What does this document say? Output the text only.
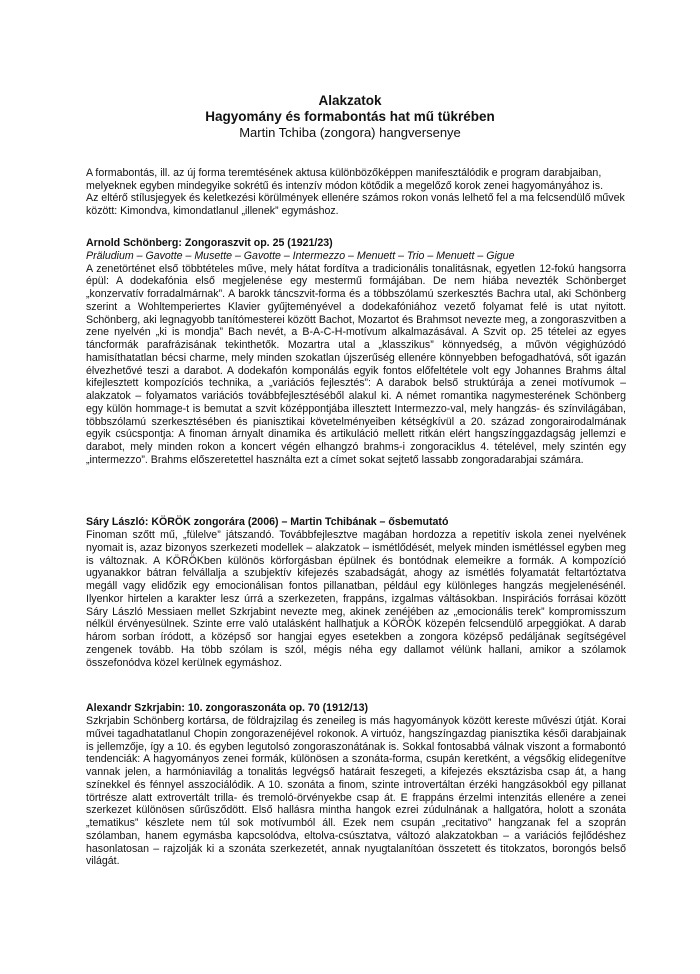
Alakzatok
Hagyomány és formabontás hat mű tükrében
Martin Tchiba (zongora) hangversenye

A formabontás, ill. az új forma teremtésének aktusa különbözőképpen manifesztálódik e program darabjaiban, melyeknek egyben mindegyike sokrétű és intenzív módon kötődik a megelőző korok zenei hagyományához is.

Az eltérő stílusjegyek és keletkezési körülmények ellenére számos rokon vonás lelhető fel a ma felcsendülő művek között: Kimondva, kimondatlanul „illenek” egymáshoz.

Arnold Schönberg: Zongoraszvit op. 25 (1921/23)

Präludium – Gavotte – Musette – Gavotte – Intermezzo – Menuett – Trio – Menuett – Gigue

A zenetörténet első többtételes műve, mely hátat fordítva a tradicionális tonalitásnak, egyetlen 12-fokú hangsorra épül: A dodekafónia első megjelenése egy mestermű formájában. De nem hiába nevezték Schönberget „konzervatív forradalmárnak”. A barokk táncszvit-forma és a többszólamú szerkesztés Bachra utal, aki Schönberg szerint a Wohltemperiertes Klavier gyűjteményével a dodekafóniához vezető folyamat felé is utat nyitott. Schönberg, aki legnagyobb tanítómesterei között Bachot, Mozartot és Brahmsot nevezte meg, a zongoraszvitben a zene nyelvén „ki is mondja” Bach nevét, a B-A-C-H-motívum alkalmazásával. A Szvit op. 25 tételei az egyes táncformák parafrázisának tekinthetők. Mozartra utal a „klasszikus” könnyedség, a művön végighúzódó hamisíthatatlan bécsi charme, mely minden szokatlan újszerűség ellenére könnyebben befogadhatóvá, sőt igazán élvezhetővé teszi a darabot. A dodekafón komponálás egyik fontos előfeltétele volt egy Johannes Brahms által kifejlesztett kompozíciós technika, a „variációs fejlesztés”: A darabok belső struktúrája a zenei motívumok – alakzatok – folyamatos variációs továbbfejlesztéséből alakul ki. A német romantika nagymesterének Schönberg egy külön hommage-t is bemutat a szvit középpontjába illesztett Intermezzo-val, mely hangzás- és színvilágában, többszólamú szerkesztésében és pianisztikai követelményeiben kétségkívül a 20. század zongorairodalmának egyik csúcspontja: A finoman árnyalt dinamika és artikuláció mellett ritkán elért hangszínggazdagság jellemzi e darabot, mely minden rokon a koncert végén elhangzó brahms-i zongoraciklus 4. tételével, mely szintén egy „intermezzo”. Brahms előszeretettel használta ezt a címet sokat sejtető lassabb zongoradarabjai számára.

Sáry László: KÖRÖK zongorára (2006) – Martin Tchibának – ősbemutató

Finoman szőtt mű, „fülelve” játszandó. Továbbfejlesztve magában hordozza a repetitív iskola zenei nyelvének nyomait is, azaz bizonyos szerkezeti modellek – alakzatok – ismétlődését, melyek minden ismétléssel egyben meg is változnak. A KÖRÖKben különös körforgásban épülnek és bontódnak elemeikre a formák. A kompozíció ugyanakkor bátran felvállalja a szubjektív kifejezés szabadságát, ahogy az ismétlés folyamatát feltartóztatva megáll vagy elidőzik egy emocionálisan fontos pillanatban, például egy különleges hangzás megjelenésénél. Ilyenkor hirtelen a karakter lesz úrrá a szerkezeten, frappáns, izgalmas váltásokban. Inspirációs forrásai között Sáry László Messiaen mellet Szkrjabint nevezte meg, akinek zenéjében az „emocionális terek” kompromisszum nélkül érvényesülnek. Szinte erre való utalásként hallhatjuk a KÖRÖK közepén felcsendülő arpeggiókat. A darab három sorban íródott, a középső sor hangjai egyes esetekben a zongora középső pedáljának segítségével zengenek tovább. Ha több szólam is szól, mégis néha egy dallamot vélünk hallani, amikor a szólamok összefonódva közel kerülnek egymáshoz.

Alexandr Szkrjabin: 10. zongoraszonáta op. 70 (1912/13)

Szkrjabin Schönberg kortársa, de földrajzilag és zeneileg is más hagyományok között kereste művészi útját. Korai művei tagadhatatlanul Chopin zongorazenéjével rokonok. A virtuóz, hangszíngazdag pianisztika késői darabjainak is jellemzője, így a 10. és egyben legutolsó zongoraszonátának is. Sokkal fontosabbá válnak viszont a formabontó tendenciák: A hagyományos zenei formák, különösen a szonáta-forma, csupán keretként, a végsőkig elidegenítve vannak jelen, a harmóniavilág a tonalitás legvégső határait feszegeti, a kifejezés eksztázisba csap át, a hang színekkel és fénnyel asszociálódik. A 10. szonáta a finom, szinte introvertáltan érzéki hangzásokból egy pillanat törtrésze alatt extrovertált trilla- és tremoló-örvényekbe csap át. E frappáns érzelmi intenzitás ellenére a zenei szerkezet különösen sűrűsződött. Első hallásra mintha hangok ezrei zúdulnának a hallgatóra, holott a szonáta „tematikus” készlete nem túl sok motívumból áll. Ezek nem csupán „recitativo” hangzanak fel a szoprán szólamban, hanem egymásba kapcsolódva, eltolva-csúsztatva, változó alakzatokban – a variációs fejlődéshez hasonlatosan – rajzolják ki a szonáta szerkezetét, annak nyugtalanítóan összetett és titokzatos, borongós belső világát.
